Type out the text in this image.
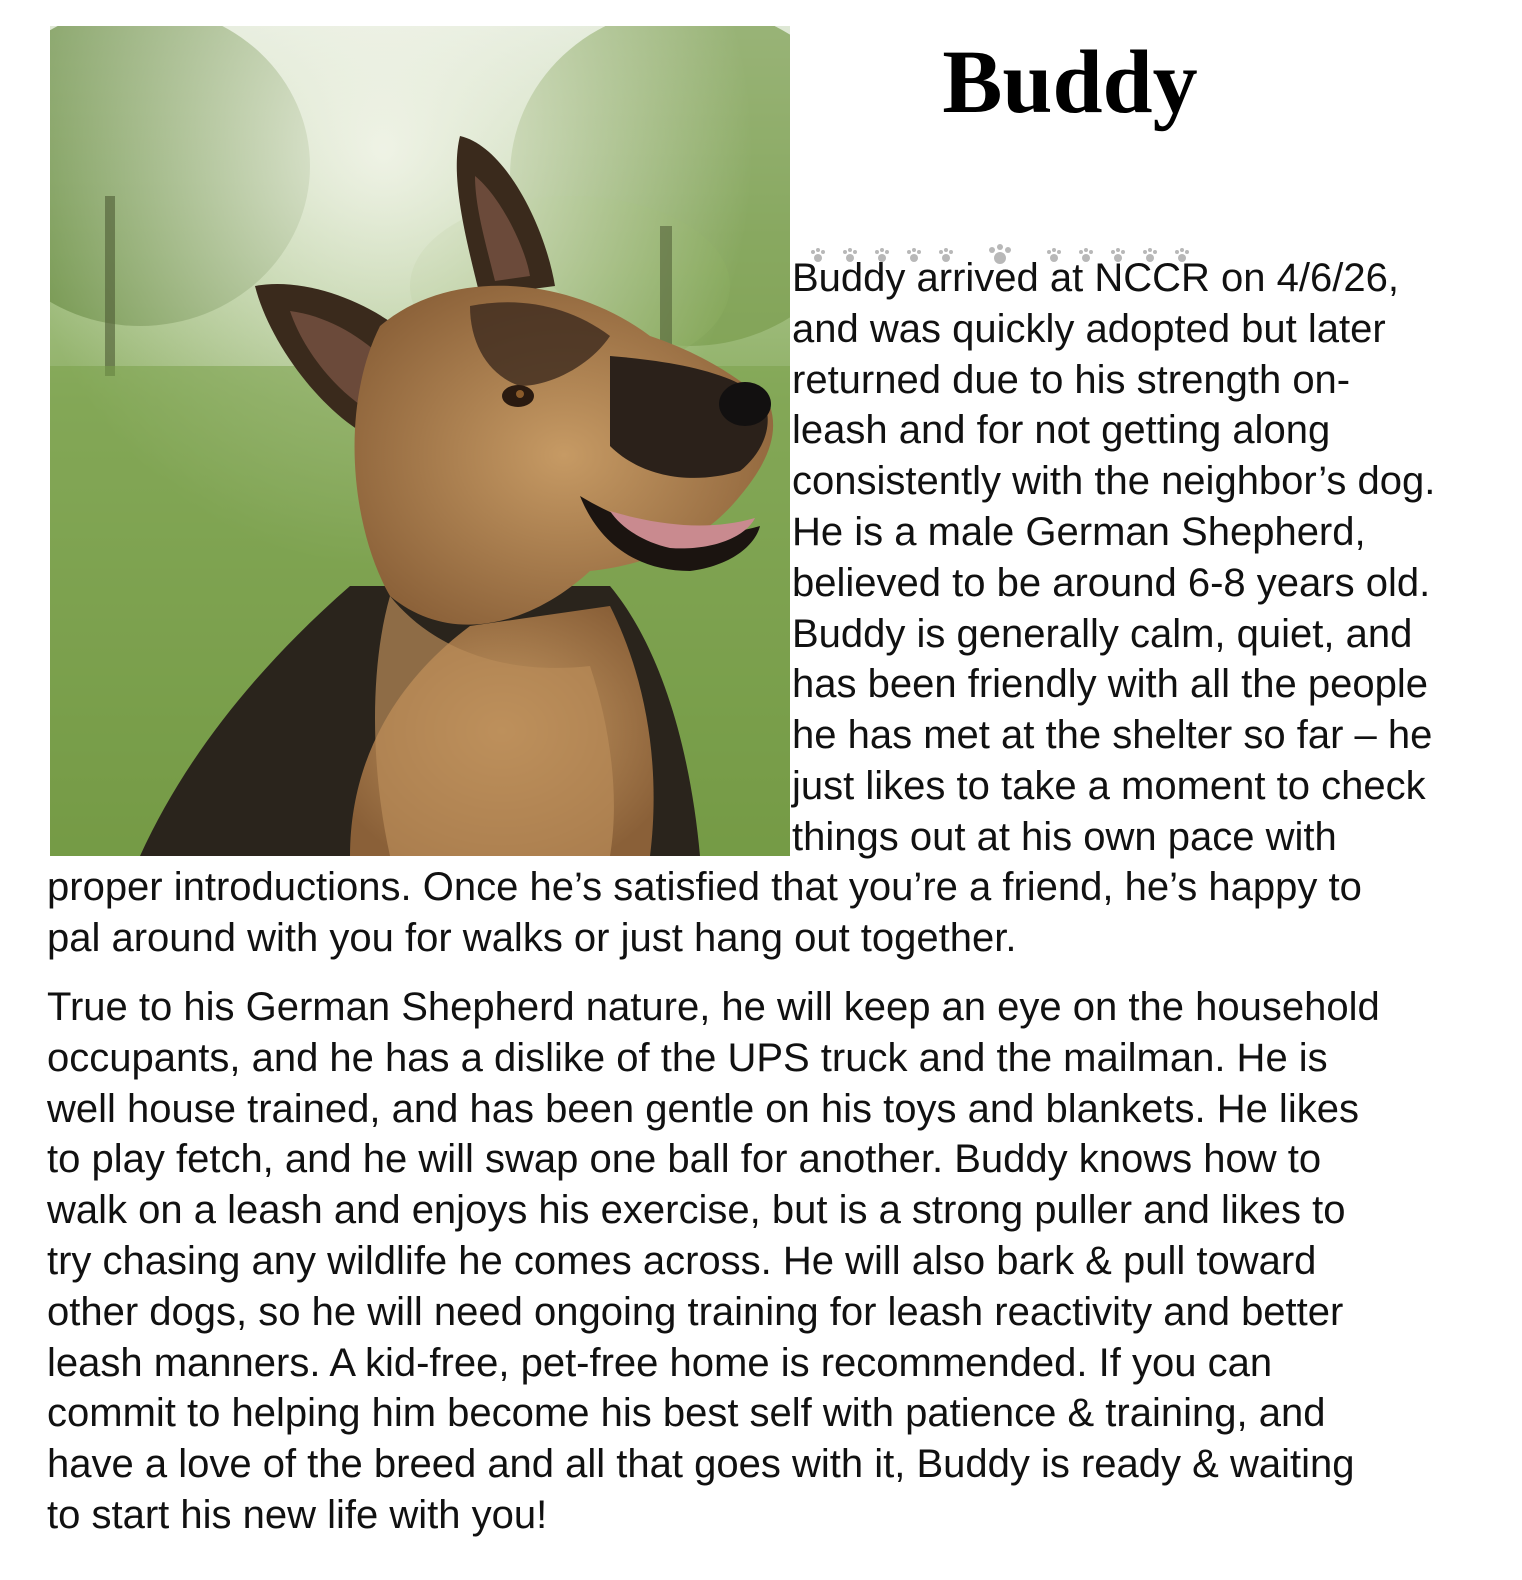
Buddy
Buddy arrived at NCCR on 4/6/26,
and was quickly adopted but later
returned due to his strength on-
leash and for not getting along
consistently with the neighbor’s dog.
He is a male German Shepherd,
believed to be around 6-8 years old.
Buddy is generally calm, quiet, and
has been friendly with all the people
he has met at the shelter so far – he
just likes to take a moment to check
things out at his own pace with
proper introductions. Once he’s satisfied that you’re a friend, he’s happy to
pal around with you for walks or just hang out together.
True to his German Shepherd nature, he will keep an eye on the household
occupants, and he has a dislike of the UPS truck and the mailman. He is
well house trained, and has been gentle on his toys and blankets. He likes
to play fetch, and he will swap one ball for another. Buddy knows how to
walk on a leash and enjoys his exercise, but is a strong puller and likes to
try chasing any wildlife he comes across. He will also bark & pull toward
other dogs, so he will need ongoing training for leash reactivity and better
leash manners. A kid-free, pet-free home is recommended. If you can
commit to helping him become his best self with patience & training, and
have a love of the breed and all that goes with it, Buddy is ready & waiting
to start his new life with you!
